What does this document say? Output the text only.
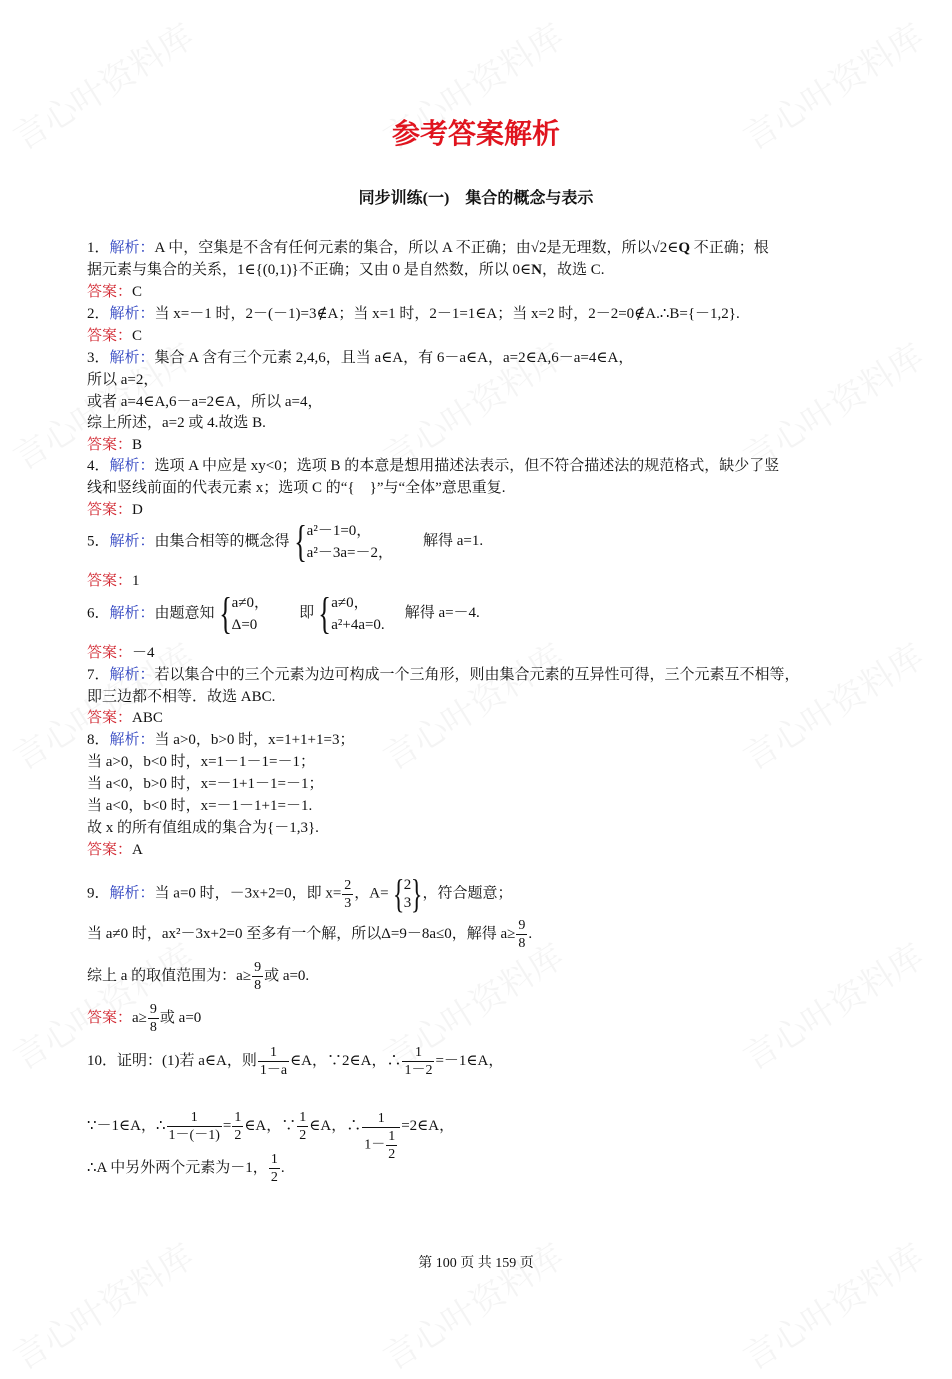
参考答案解析
同步训练(一)　集合的概念与表示
1．解析：A 中，空集是不含有任何元素的集合，所以 A 不正确；由√2是无理数，所以√2∈Q 不正确；根
据元素与集合的关系，1∈{(0,1)}不正确；又由 0 是自然数，所以 0∈N，故选 C.
答案：C
2．解析：当 x=－1 时，2－(－1)=3∉A；当 x=1 时，2－1=1∈A；当 x=2 时，2－2=0∉A.∴B={－1,2}.
答案：C
3．解析：集合 A 含有三个元素 2,4,6，且当 a∈A，有 6－a∈A，a=2∈A,6－a=4∈A，
所以 a=2，
或者 a=4∈A,6－a=2∈A，所以 a=4，
综上所述，a=2 或 4.故选 B.
答案：B
4．解析：选项 A 中应是 xy<0；选项 B 的本意是想用描述法表示，但不符合描述法的规范格式，缺少了竖
线和竖线前面的代表元素 x；选项 C 的“{　}”与“全体”意思重复.
答案：D
5．解析：由集合相等的概念得 { a²－1=0，
a²－3a=－2，
解得 a=1.
答案：1
6．解析：由题意知 { a≠0，
Δ=0
即 { a≠0，
a²+4a=0.
解得 a=－4.
答案：－4
7．解析：若以集合中的三个元素为边可构成一个三角形，则由集合元素的互异性可得，三个元素互不相等，
即三边都不相等．故选 ABC.
答案：ABC
8．解析：当 a>0，b>0 时，x=1+1+1=3；
当 a>0，b<0 时，x=1－1－1=－1；
当 a<0，b>0 时，x=－1+1－1=－1；
当 a<0，b<0 时，x=－1－1+1=－1.
故 x 的所有值组成的集合为{－1,3}.
答案：A
9．解析：当 a=0 时，－3x+2=0，即 $x= \frac{2}{3}$ ，A= { 2
3 } ，符合题意；
当 a≠0 时，ax²－3x+2=0 至多有一个解，所以Δ=9－8a≤0，解得 $a\ge \frac{9}{8}$ .
综上 a 的取值范围为：$a\ge \frac{9}{8}$ 或 a=0.
答案：$a\ge \frac{9}{8}$ 或 a=0
10．证明：(1)若 a∈A，则 $\frac{1}{1-a}$ ∈A，∵2∈A，∴ $\frac{1}{1-2}$ =－1∈A，
∵－1∈A，∴ $\frac{1}{1-(-1)} = \frac{1}{2}$ ∈A，∵ $\frac{1}{2}$ ∈A，∴ $\frac{1}{1- \frac{1}{2}}$ =2∈A，
∴A 中另外两个元素为－1， $\frac{1}{2}$ .
第 100 页 共 159 页
